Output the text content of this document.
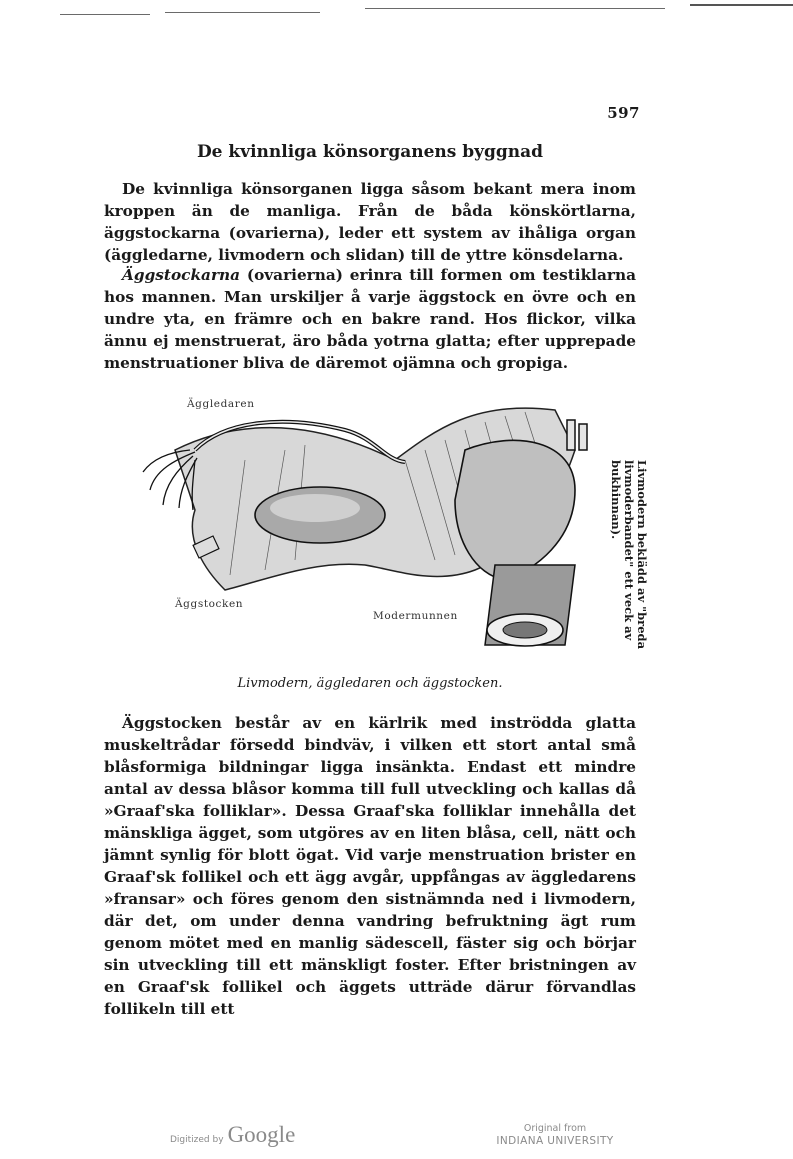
597
De kvinnliga könsorganens byggnad

De kvinnliga könsorganen ligga såsom bekant mera inom kroppen än de manliga. Från de båda könskörtlarna, äggstockarna (ovarierna), leder ett system av ihåliga organ (äggledarne, livmodern och slidan) till de yttre könsdelarna.

Äggstockarna (ovarierna) erinra till formen om testiklarna hos mannen. Man urskiljer å varje äggstock en övre och en undre yta, en främre och en bakre rand. Hos flickor, vilka ännu ej menstruerat, äro båda yotrna glatta; efter upprepade menstruationer bliva de däremot ojämna och gropiga.

Äggledaren
Äggstocken
Modermunnen	Livmodern beklädd av "breda livmoderbandet" ett veck av bukhinnan).
Livmodern, äggledaren och äggstocken.

Äggstocken består av en kärlrik med inströdda glatta muskeltrådar försedd bindväv, i vilken ett stort antal små blåsformiga bildningar ligga insänkta. Endast ett mindre antal av dessa blåsor komma till full utveckling och kallas då »Graaf'ska folliklar». Dessa Graaf'ska folliklar innehålla det mänskliga ägget, som utgöres av en liten blåsa, cell, nätt och jämnt synlig för blott ögat. Vid varje menstruation brister en Graaf'sk follikel och ett ägg avgår, uppfångas av äggledarens »fransar» och föres genom den sistnämnda ned i livmodern, där det, om under denna vandring befruktning ägt rum genom mötet med en manlig sädescell, fäster sig och börjar sin utveckling till ett mänskligt foster. Efter bristningen av en Graaf'sk follikel och äggets utträde därur förvandlas follikeln till ett

Digitized by Google	Original from
INDIANA UNIVERSITY
